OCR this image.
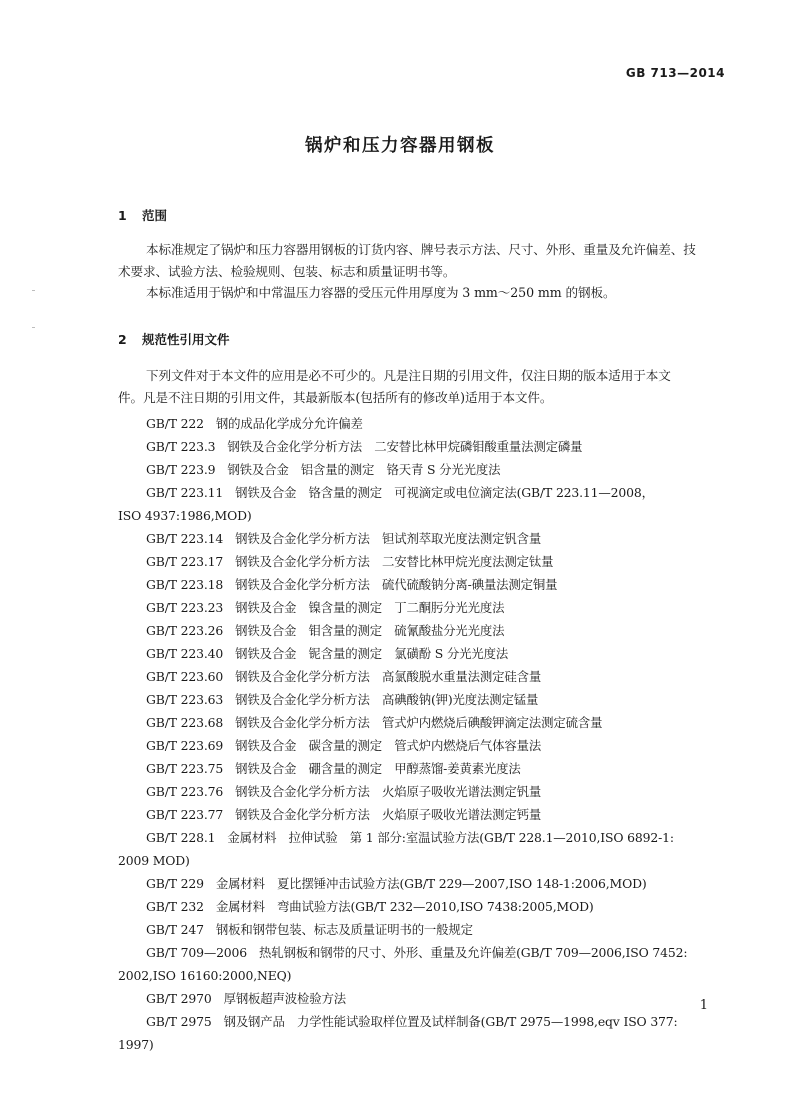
GB 713—2014
锅炉和压力容器用钢板
1 范围

本标准规定了锅炉和压力容器用钢板的订货内容、牌号表示方法、尺寸、外形、重量及允许偏差、技

术要求、试验方法、检验规则、包装、标志和质量证明书等。

本标准适用于锅炉和中常温压力容器的受压元件用厚度为 3 mm～250 mm 的钢板。

2 规范性引用文件

下列文件对于本文件的应用是必不可少的。凡是注日期的引用文件，仅注日期的版本适用于本文

件。凡是不注日期的引用文件，其最新版本(包括所有的修改单)适用于本文件。

GB/T 222 钢的成品化学成分允许偏差
GB/T 223.3 钢铁及合金化学分析方法　二安替比林甲烷磷钼酸重量法测定磷量
GB/T 223.9 钢铁及合金　铝含量的测定　铬天青 S 分光光度法
GB/T 223.11 钢铁及合金　铬含量的测定　可视滴定或电位滴定法(GB/T 223.11—2008，
ISO 4937:1986,MOD)
GB/T 223.14 钢铁及合金化学分析方法　钽试剂萃取光度法测定钒含量
GB/T 223.17 钢铁及合金化学分析方法　二安替比林甲烷光度法测定钛量
GB/T 223.18 钢铁及合金化学分析方法　硫代硫酸钠分离-碘量法测定铜量
GB/T 223.23 钢铁及合金　镍含量的测定　丁二酮肟分光光度法
GB/T 223.26 钢铁及合金　钼含量的测定　硫氰酸盐分光光度法
GB/T 223.40 钢铁及合金　铌含量的测定　氯磺酚 S 分光光度法
GB/T 223.60 钢铁及合金化学分析方法　高氯酸脱水重量法测定硅含量
GB/T 223.63 钢铁及合金化学分析方法　高碘酸钠(钾)光度法测定锰量
GB/T 223.68 钢铁及合金化学分析方法　管式炉内燃烧后碘酸钾滴定法测定硫含量
GB/T 223.69 钢铁及合金　碳含量的测定　管式炉内燃烧后气体容量法
GB/T 223.75 钢铁及合金　硼含量的测定　甲醇蒸馏-姜黄素光度法
GB/T 223.76 钢铁及合金化学分析方法　火焰原子吸收光谱法测定钒量
GB/T 223.77 钢铁及合金化学分析方法　火焰原子吸收光谱法测定钙量
GB/T 228.1 金属材料　拉伸试验　第 1 部分:室温试验方法(GB/T 228.1—2010,ISO 6892-1:
2009 MOD)
GB/T 229 金属材料　夏比摆锤冲击试验方法(GB/T 229—2007,ISO 148-1:2006,MOD)
GB/T 232 金属材料　弯曲试验方法(GB/T 232—2010,ISO 7438:2005,MOD)
GB/T 247 钢板和钢带包装、标志及质量证明书的一般规定
GB/T 709—2006 热轧钢板和钢带的尺寸、外形、重量及允许偏差(GB/T 709—2006,ISO 7452:
2002,ISO 16160:2000,NEQ)
GB/T 2970 厚钢板超声波检验方法
GB/T 2975 钢及钢产品　力学性能试验取样位置及试样制备(GB/T 2975—1998,eqv ISO 377:
1997)
1
